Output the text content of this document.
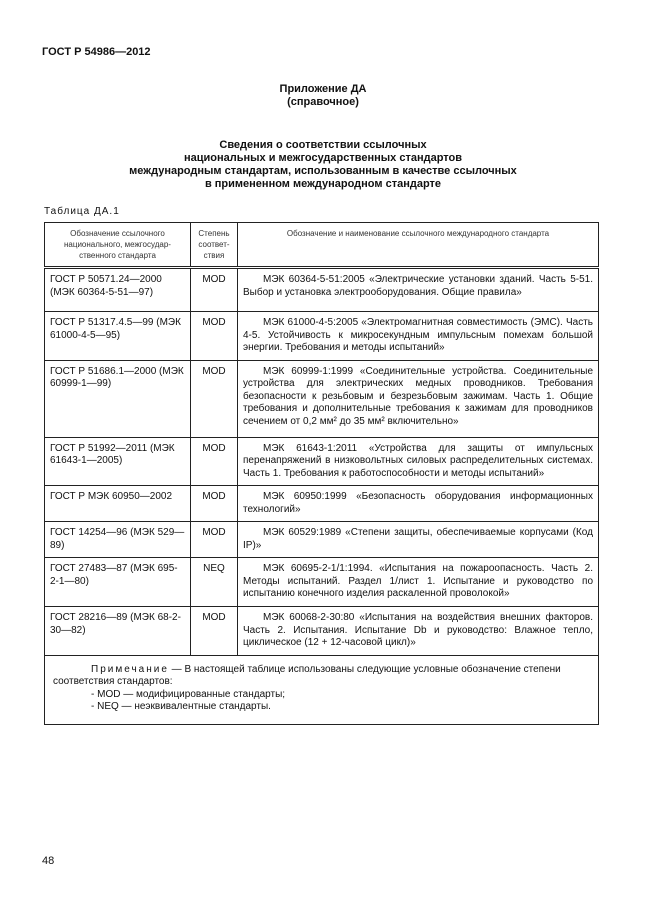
ГОСТ Р 54986—2012
Приложение ДА
(справочное)
Сведения о соответствии ссылочных
национальных и межгосударственных стандартов
международным стандартам, использованным в качестве ссылочных
в примененном международном стандарте
Таблица ДА.1
Обозначение ссылочного национального, межгосудар-ственного стандарта	Степень соответ-ствия	Обозначение и наименование ссылочного международного стандарта
ГОСТ Р 50571.24—2000 (МЭК 60364-5-51—97)	MOD	МЭК 60364-5-51:2005 «Электрические установки зданий. Часть 5-51. Выбор и установка электрооборудования. Общие правила»

ГОСТ Р 51317.4.5—99 (МЭК 61000-4-5—95)	MOD	МЭК 61000-4-5:2005 «Электромагнитная совместимость (ЭМС). Часть 4-5. Устойчивость к микросекундным импульсным помехам большой энергии. Требования и методы испытаний»

ГОСТ Р 51686.1—2000 (МЭК 60999-1—99)	MOD	МЭК 60999-1:1999 «Соединительные устройства. Соединительные устройства для электрических медных проводников. Требования безопасности к резьбовым и безрезьбовым зажимам. Часть 1. Общие требования и дополнительные требования к зажимам для проводников сечением от 0,2 мм² до 35 мм² включительно»

ГОСТ Р 51992—2011 (МЭК 61643-1—2005)	MOD	МЭК 61643-1:2011 «Устройства для защиты от импульсных перенапряжений в низковольтных силовых распределительных системах. Часть 1. Требования к работоспособности и методы испытаний»

ГОСТ Р МЭК 60950—2002	MOD	МЭК 60950:1999 «Безопасность оборудования информационных технологий»

ГОСТ 14254—96 (МЭК 529—89)	MOD	МЭК 60529:1989 «Степени защиты, обеспечиваемые корпусами (Код IP)»

ГОСТ 27483—87 (МЭК 695-2-1—80)	NEQ	МЭК 60695-2-1/1:1994. «Испытания на пожароопасность. Часть 2. Методы испытаний. Раздел 1/лист 1. Испытание и руководство по испытанию конечного изделия раскаленной проволокой»

ГОСТ 28216—89 (МЭК 68-2-30—82)	MOD	МЭК 60068-2-30:80 «Испытания на воздействия внешних факторов. Часть 2. Испытания. Испытание Db и руководство: Влажное тепло, циклическое (12 + 12-часовой цикл)»

Примечание — В настоящей таблице использованы следующие условные обозначение степени соответствия стандартов:
- MOD — модифицированные стандарты;
- NEQ — неэквивалентные стандарты.		
48
